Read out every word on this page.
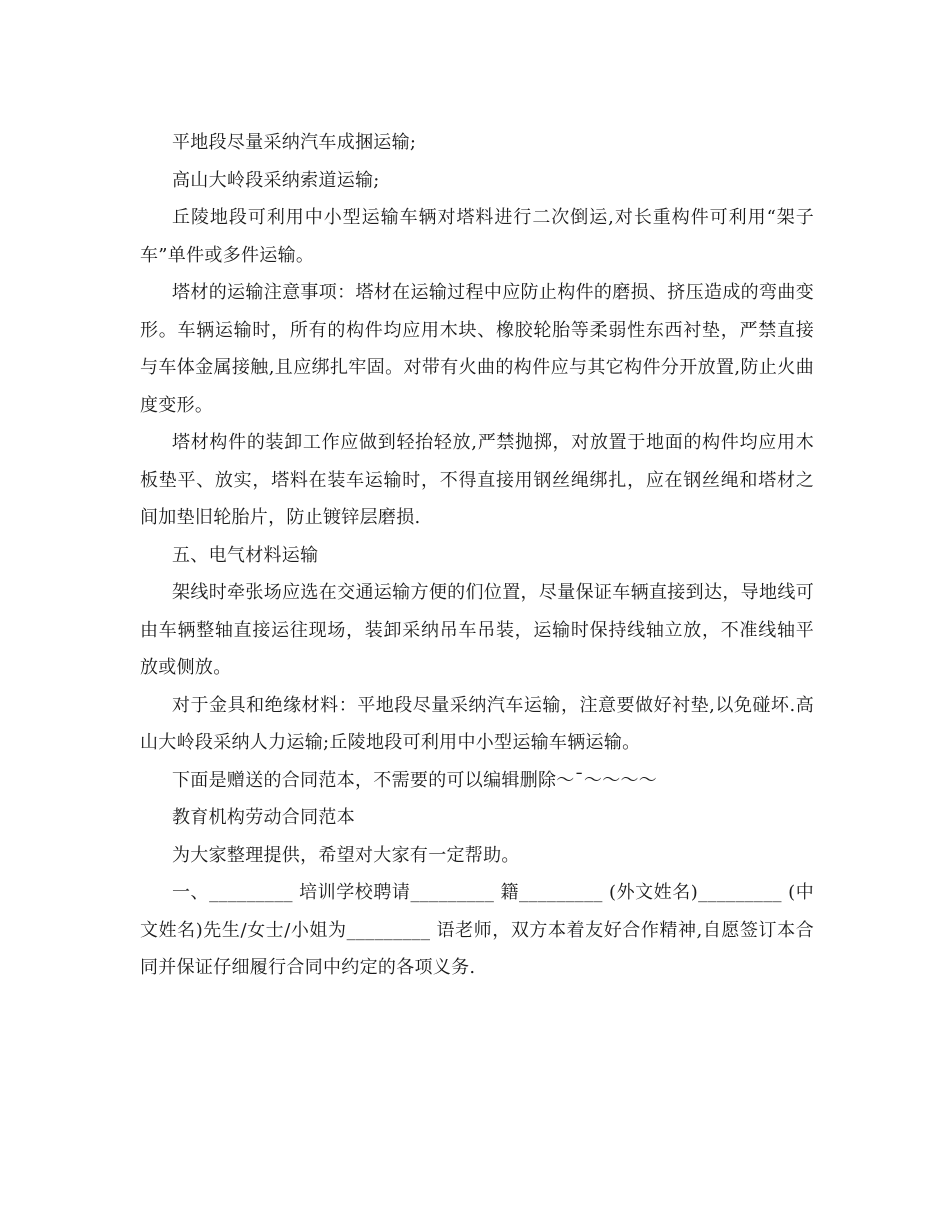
平地段尽量采纳汽车成捆运输;

高山大岭段采纳索道运输;

丘陵地段可利用中小型运输车辆对塔料进行二次倒运,对长重构件可利用“架子车”单件或多件运输。

塔材的运输注意事项：塔材在运输过程中应防止构件的磨损、挤压造成的弯曲变形。车辆运输时，所有的构件均应用木块、橡胶轮胎等柔弱性东西衬垫，严禁直接与车体金属接触,且应绑扎牢固。对带有火曲的构件应与其它构件分开放置,防止火曲度变形。

塔材构件的装卸工作应做到轻抬轻放,严禁抛掷，对放置于地面的构件均应用木板垫平、放实，塔料在装车运输时，不得直接用钢丝绳绑扎，应在钢丝绳和塔材之间加垫旧轮胎片，防止镀锌层磨损.

五、电气材料运输

架线时牵张场应选在交通运输方便的们位置，尽量保证车辆直接到达，导地线可由车辆整轴直接运往现场，装卸采纳吊车吊装，运输时保持线轴立放，不准线轴平放或侧放。

对于金具和绝缘材料：平地段尽量采纳汽车运输，注意要做好衬垫,以免碰坏.高山大岭段采纳人力运输;丘陵地段可利用中小型运输车辆运输。

下面是赠送的合同范本，不需要的可以编辑删除～ˉ～～～～

教育机构劳动合同范本

为大家整理提供，希望对大家有一定帮助。

一、_________ 培训学校聘请_________ 籍_________ (外文姓名)_________ (中文姓名)先生/女士/小姐为_________ 语老师，双方本着友好合作精神,自愿签订本合同并保证仔细履行合同中约定的各项义务.
